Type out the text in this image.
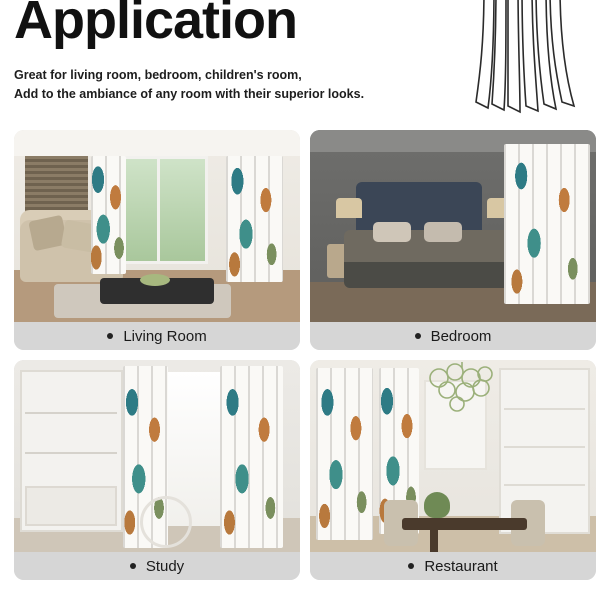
Application
Great for living room, bedroom, children's room,
Add to the ambiance of any room with their superior looks.
Living Room	Bedroom
Study	Restaurant
